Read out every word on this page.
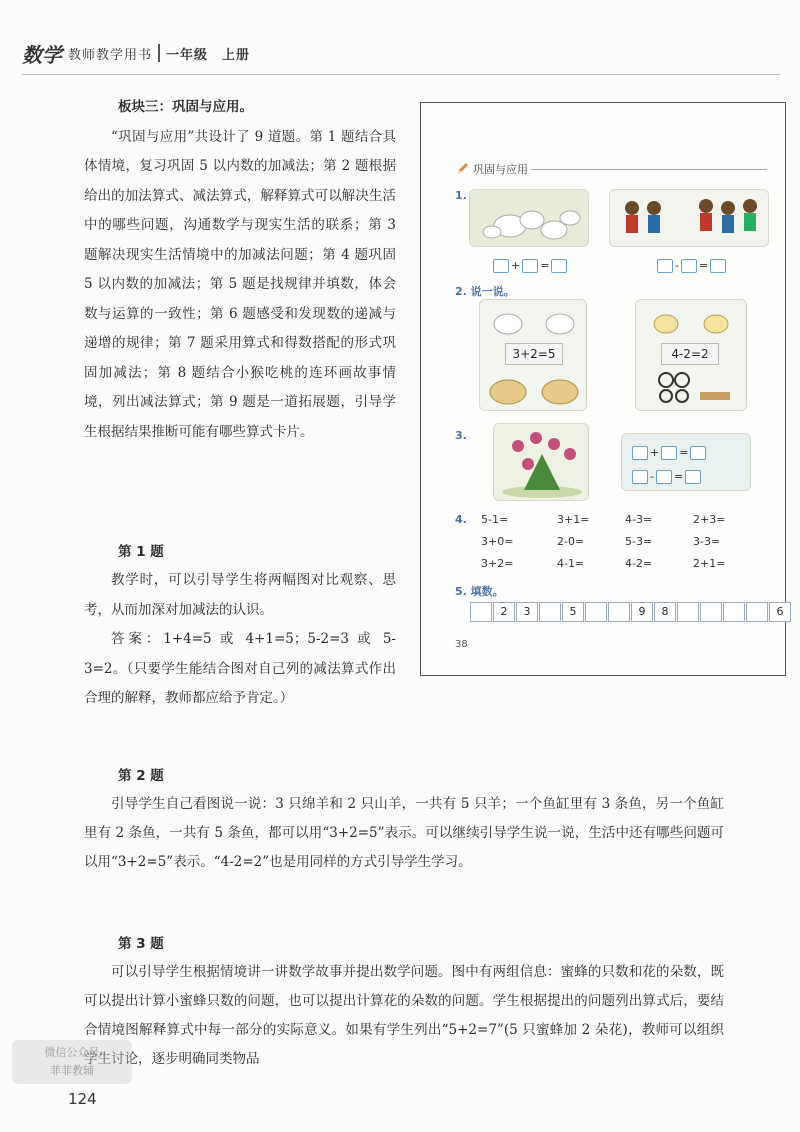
数学 教师教学用书 一年级　上册
板块三：巩固与应用。
“巩固与应用”共设计了 9 道题。第 1 题结合具体情境，复习巩固 5 以内数的加减法；第 2 题根据给出的加法算式、减法算式，解释算式可以解决生活中的哪些问题，沟通数学与现实生活的联系；第 3 题解决现实生活情境中的加减法问题；第 4 题巩固 5 以内数的加减法；第 5 题是找规律并填数，体会数与运算的一致性；第 6 题感受和发现数的递减与递增的规律；第 7 题采用算式和得数搭配的形式巩固加减法；第 8 题结合小猴吃桃的连环画故事情境，列出减法算式；第 9 题是一道拓展题，引导学生根据结果推断可能有哪些算式卡片。
第 1 题
教学时，可以引导学生将两幅图对比观察、思考，从而加深对加减法的认识。
答案：1+4=5 或 4+1=5；5-2=3 或 5-3=2。（只要学生能结合图对自己列的减法算式作出合理的解释，教师都应给予肯定。）
巩固与应用
1.
+ =	- =
2. 说一说。
3+2=5	4-2=2
3.
+ =
- =
4. 5-1=	3+1=	4-3=	2+3=
3+0=	2-0=	5-3=	3-3=
3+2=	4-1=	4-2=	2+1=
5. 填数。
38
2	3	5	9	8	6
第 2 题
引导学生自己看图说一说：3 只绵羊和 2 只山羊，一共有 5 只羊；一个鱼缸里有 3 条鱼，另一个鱼缸里有 2 条鱼，一共有 5 条鱼，都可以用“3+2=5”表示。可以继续引导学生说一说，生活中还有哪些问题可以用“3+2=5”表示。“4-2=2”也是用同样的方式引导学生学习。
第 3 题
可以引导学生根据情境讲一讲数学故事并提出数学问题。图中有两组信息：蜜蜂的只数和花的朵数，既可以提出计算小蜜蜂只数的问题，也可以提出计算花的朵数的问题。学生根据提出的问题列出算式后，要结合情境图解释算式中每一部分的实际意义。如果有学生列出“5+2=7”(5 只蜜蜂加 2 朵花)，教师可以组织学生讨论，逐步明确同类物品
微信公众号
菲菲教辅
124
